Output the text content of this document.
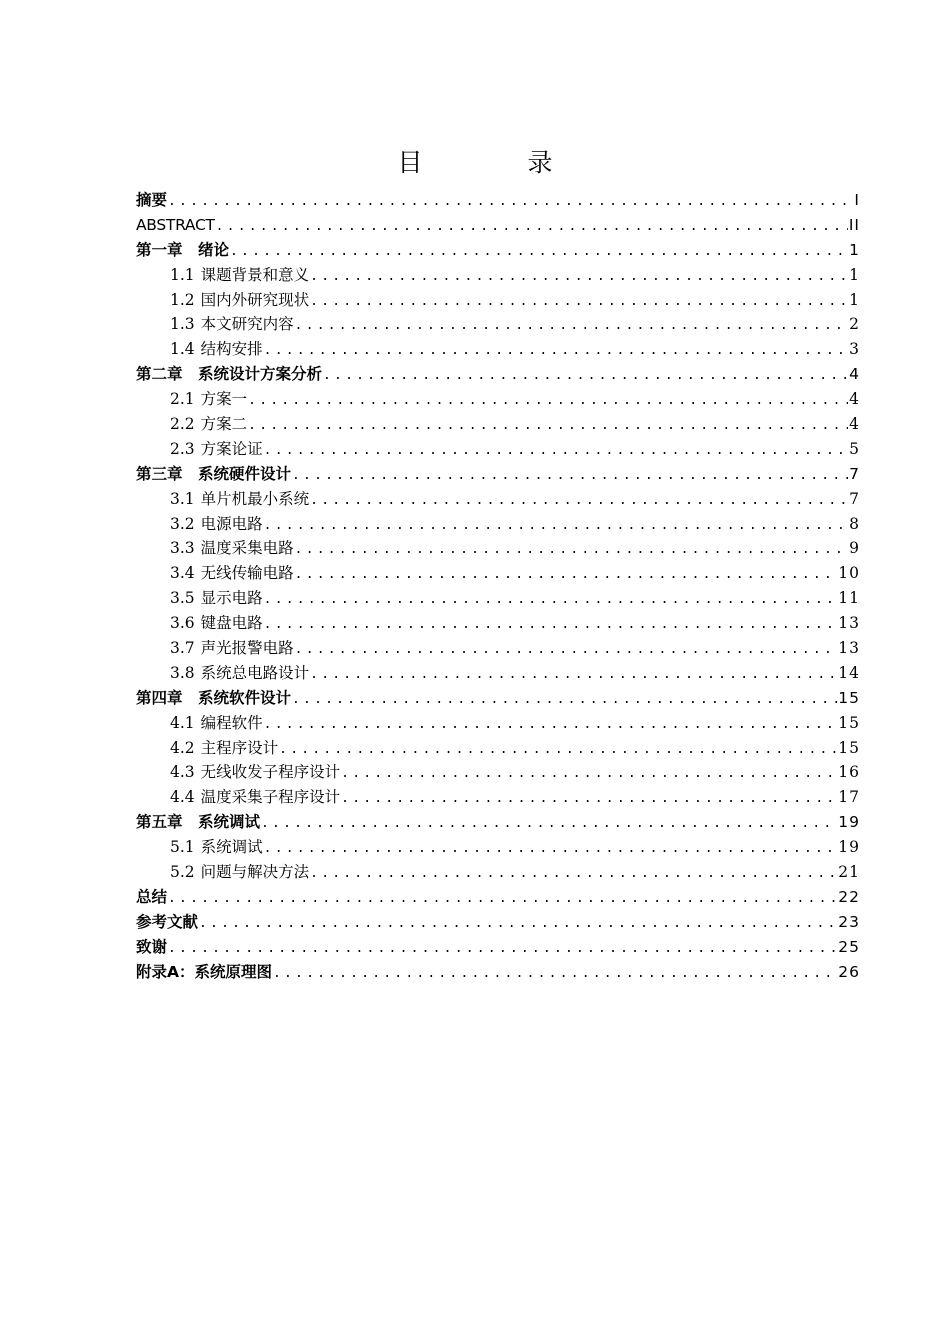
目　录
摘要 .....	I
ABSTRACT .....	II
第一章　绪论 .....	1
1.1 课题背景和意义 .....	1
1.2 国内外研究现状 .....	1
1.3 本文研究内容 .....	2
1.4 结构安排 .....	3
第二章　系统设计方案分析 .....	4
2.1 方案一 .....	4
2.2 方案二 .....	4
2.3 方案论证 .....	5
第三章　系统硬件设计 .....	7
3.1 单片机最小系统 .....	7
3.2 电源电路 .....	8
3.3 温度采集电路 .....	9
3.4 无线传输电路 .....	10
3.5 显示电路 .....	11
3.6 键盘电路 .....	13
3.7 声光报警电路 .....	13
3.8 系统总电路设计 .....	14
第四章　系统软件设计 .....	15
4.1 编程软件 .....	15
4.2 主程序设计 .....	15
4.3 无线收发子程序设计 .....	16
4.4 温度采集子程序设计 .....	17
第五章　系统调试 .....	19
5.1 系统调试 .....	19
5.2 问题与解决方法 .....	21
总结 .....	22
参考文献 .....	23
致谢 .....	25
附录A：系统原理图 .....	26
